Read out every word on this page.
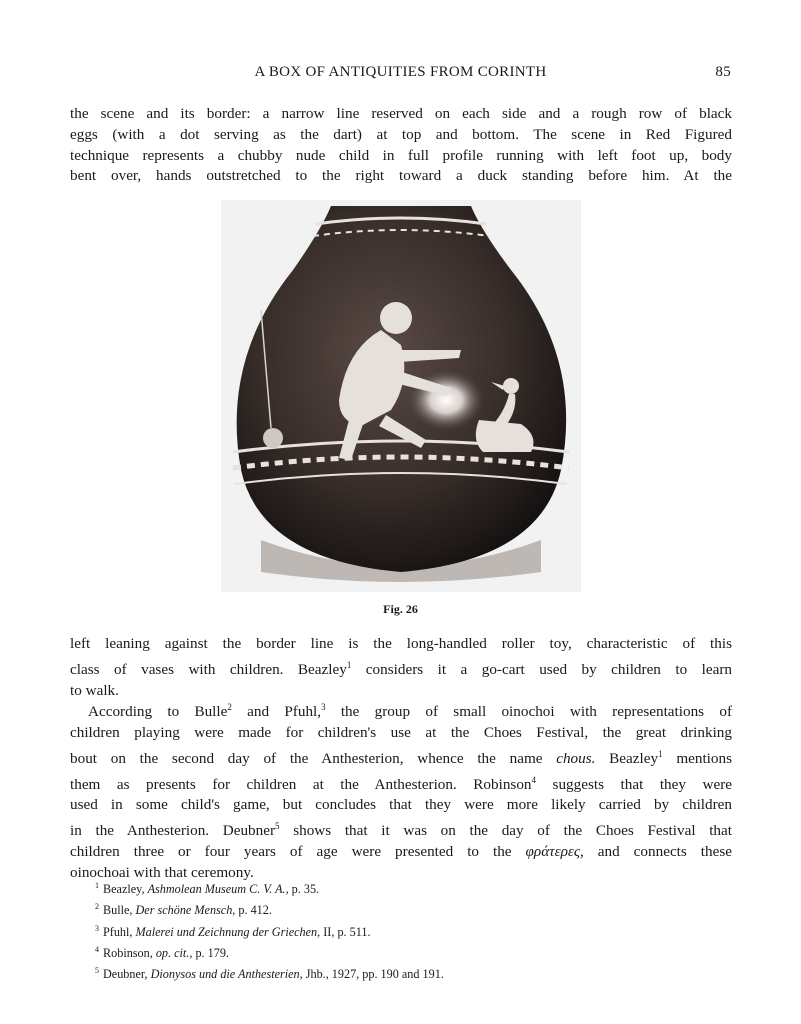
A BOX OF ANTIQUITIES FROM CORINTH	85
the scene and its border: a narrow line reserved on each side and a rough row of black
eggs (with a dot serving as the dart) at top and bottom. The scene in Red Figured
technique represents a chubby nude child in full profile running with left foot up, body
bent over, hands outstretched to the right toward a duck standing before him. At the
Fig. 26
left leaning against the border line is the long-handled roller toy, characteristic of this
class of vases with children. Beazley$^1$ considers it a go-cart used by children to learn
to walk.
According to Bulle$^2$ and Pfuhl,$^3$ the group of small oinochoi with representations of
children playing were made for children's use at the Choes Festival, the great drinking
bout on the second day of the Anthesterion, whence the name chous. Beazley$^1$ mentions
them as presents for children at the Anthesterion. Robinson$^4$ suggests that they were
used in some child's game, but concludes that they were more likely carried by children
in the Anthesterion. Deubner$^5$ shows that it was on the day of the Choes Festival that
children three or four years of age were presented to the φράτερες, and connects these
oinochoai with that ceremony.
$^1$ Beazley, Ashmolean Museum C. V. A., p. 35.
$^2$ Bulle, Der schöne Mensch, p. 412.
$^3$ Pfuhl, Malerei und Zeichnung der Griechen, II, p. 511.
$^4$ Robinson, op. cit., p. 179.
$^5$ Deubner, Dionysos und die Anthesterien, Jhb., 1927, pp. 190 and 191.
